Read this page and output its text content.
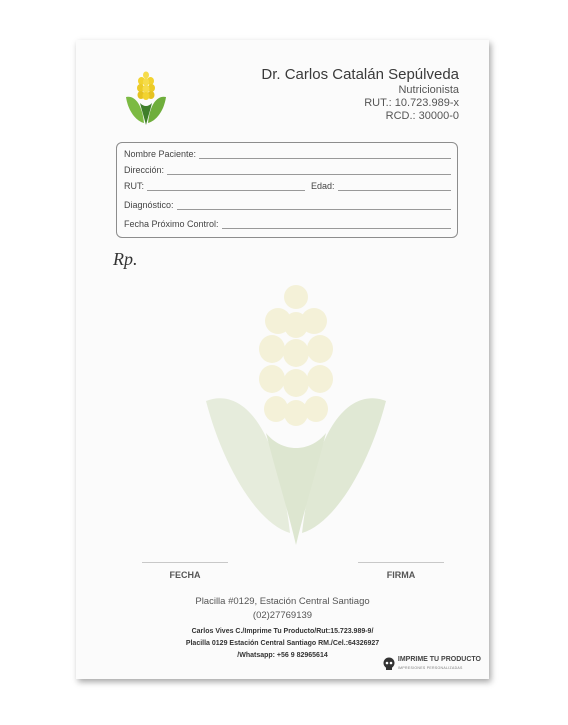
Dr. Carlos Catalán Sepúlveda
Nutricionista
RUT.: 10.723.989-x
RCD.: 30000-0
Nombre Paciente:
Dirección:
RUT:	Edad:
Diagnóstico:
Fecha Próximo Control:
Rp.
FECHA	FIRMA
Placilla #0129, Estación Central Santiago
(02)27769139
Carlos Vives C./Imprime Tu Producto/Rut:15.723.989-9/
Placilla 0129 Estación Central Santiago RM./Cel.:64326927
/Whatsapp: +56 9 82965614
IMPRIME TU PRODUCTO
IMPRESIONES PERSONALIZADAS
